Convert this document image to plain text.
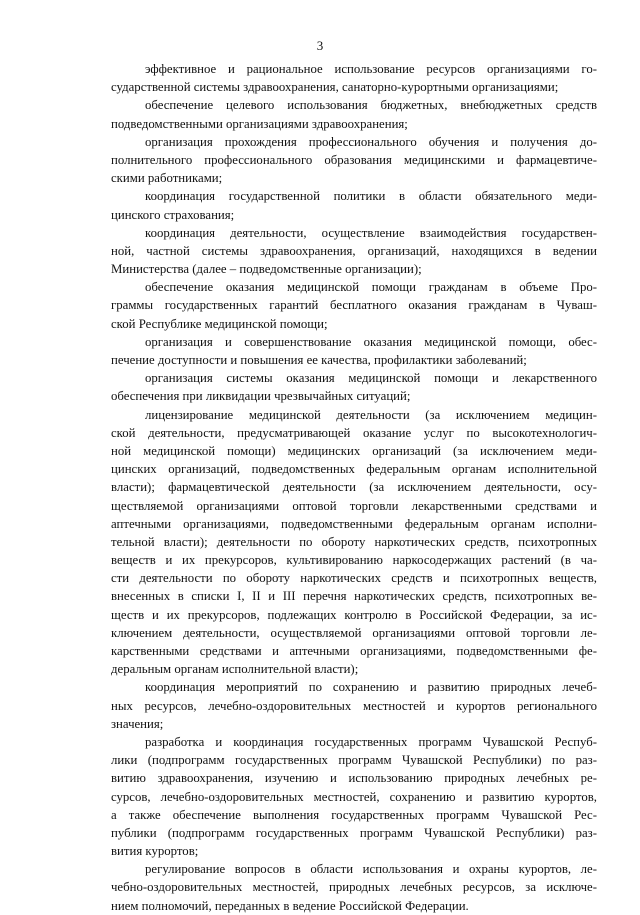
3
эффективное и рациональное использование ресурсов организациями го-
сударственной системы здравоохранения, санаторно-курортными организациями;
обеспечение целевого использования бюджетных, внебюджетных средств
подведомственными организациями здравоохранения;
организация прохождения профессионального обучения и получения до-
полнительного профессионального образования медицинскими и фармацевтиче-
скими работниками;
координация государственной политики в области обязательного меди-
цинского страхования;
координация деятельности, осуществление взаимодействия государствен-
ной, частной системы здравоохранения, организаций, находящихся в ведении
Министерства (далее – подведомственные организации);
обеспечение оказания медицинской помощи гражданам в объеме Про-
граммы государственных гарантий бесплатного оказания гражданам в Чуваш-
ской Республике медицинской помощи;
организация и совершенствование оказания медицинской помощи, обес-
печение доступности и повышения ее качества, профилактики заболеваний;
организация системы оказания медицинской помощи и лекарственного
обеспечения при ликвидации чрезвычайных ситуаций;
лицензирование медицинской деятельности (за исключением медицин-
ской деятельности, предусматривающей оказание услуг по высокотехнологич-
ной медицинской помощи) медицинских организаций (за исключением меди-
цинских организаций, подведомственных федеральным органам исполнительной
власти); фармацевтической деятельности (за исключением деятельности, осу-
ществляемой организациями оптовой торговли лекарственными средствами и
аптечными организациями, подведомственными федеральным органам исполни-
тельной власти); деятельности по обороту наркотических средств, психотропных
веществ и их прекурсоров, культивированию наркосодержащих растений (в ча-
сти деятельности по обороту наркотических средств и психотропных веществ,
внесенных в списки I, II и III перечня наркотических средств, психотропных ве-
ществ и их прекурсоров, подлежащих контролю в Российской Федерации, за ис-
ключением деятельности, осуществляемой организациями оптовой торговли ле-
карственными средствами и аптечными организациями, подведомственными фе-
деральным органам исполнительной власти);
координация мероприятий по сохранению и развитию природных лечеб-
ных ресурсов, лечебно-оздоровительных местностей и курортов регионального
значения;
разработка и координация государственных программ Чувашской Респуб-
лики (подпрограмм государственных программ Чувашской Республики) по раз-
витию здравоохранения, изучению и использованию природных лечебных ре-
сурсов, лечебно-оздоровительных местностей, сохранению и развитию курортов,
а также обеспечение выполнения государственных программ Чувашской Рес-
публики (подпрограмм государственных программ Чувашской Республики) раз-
вития курортов;
регулирование вопросов в области использования и охраны курортов, ле-
чебно-оздоровительных местностей, природных лечебных ресурсов, за исключе-
нием полномочий, переданных в ведение Российской Федерации.
